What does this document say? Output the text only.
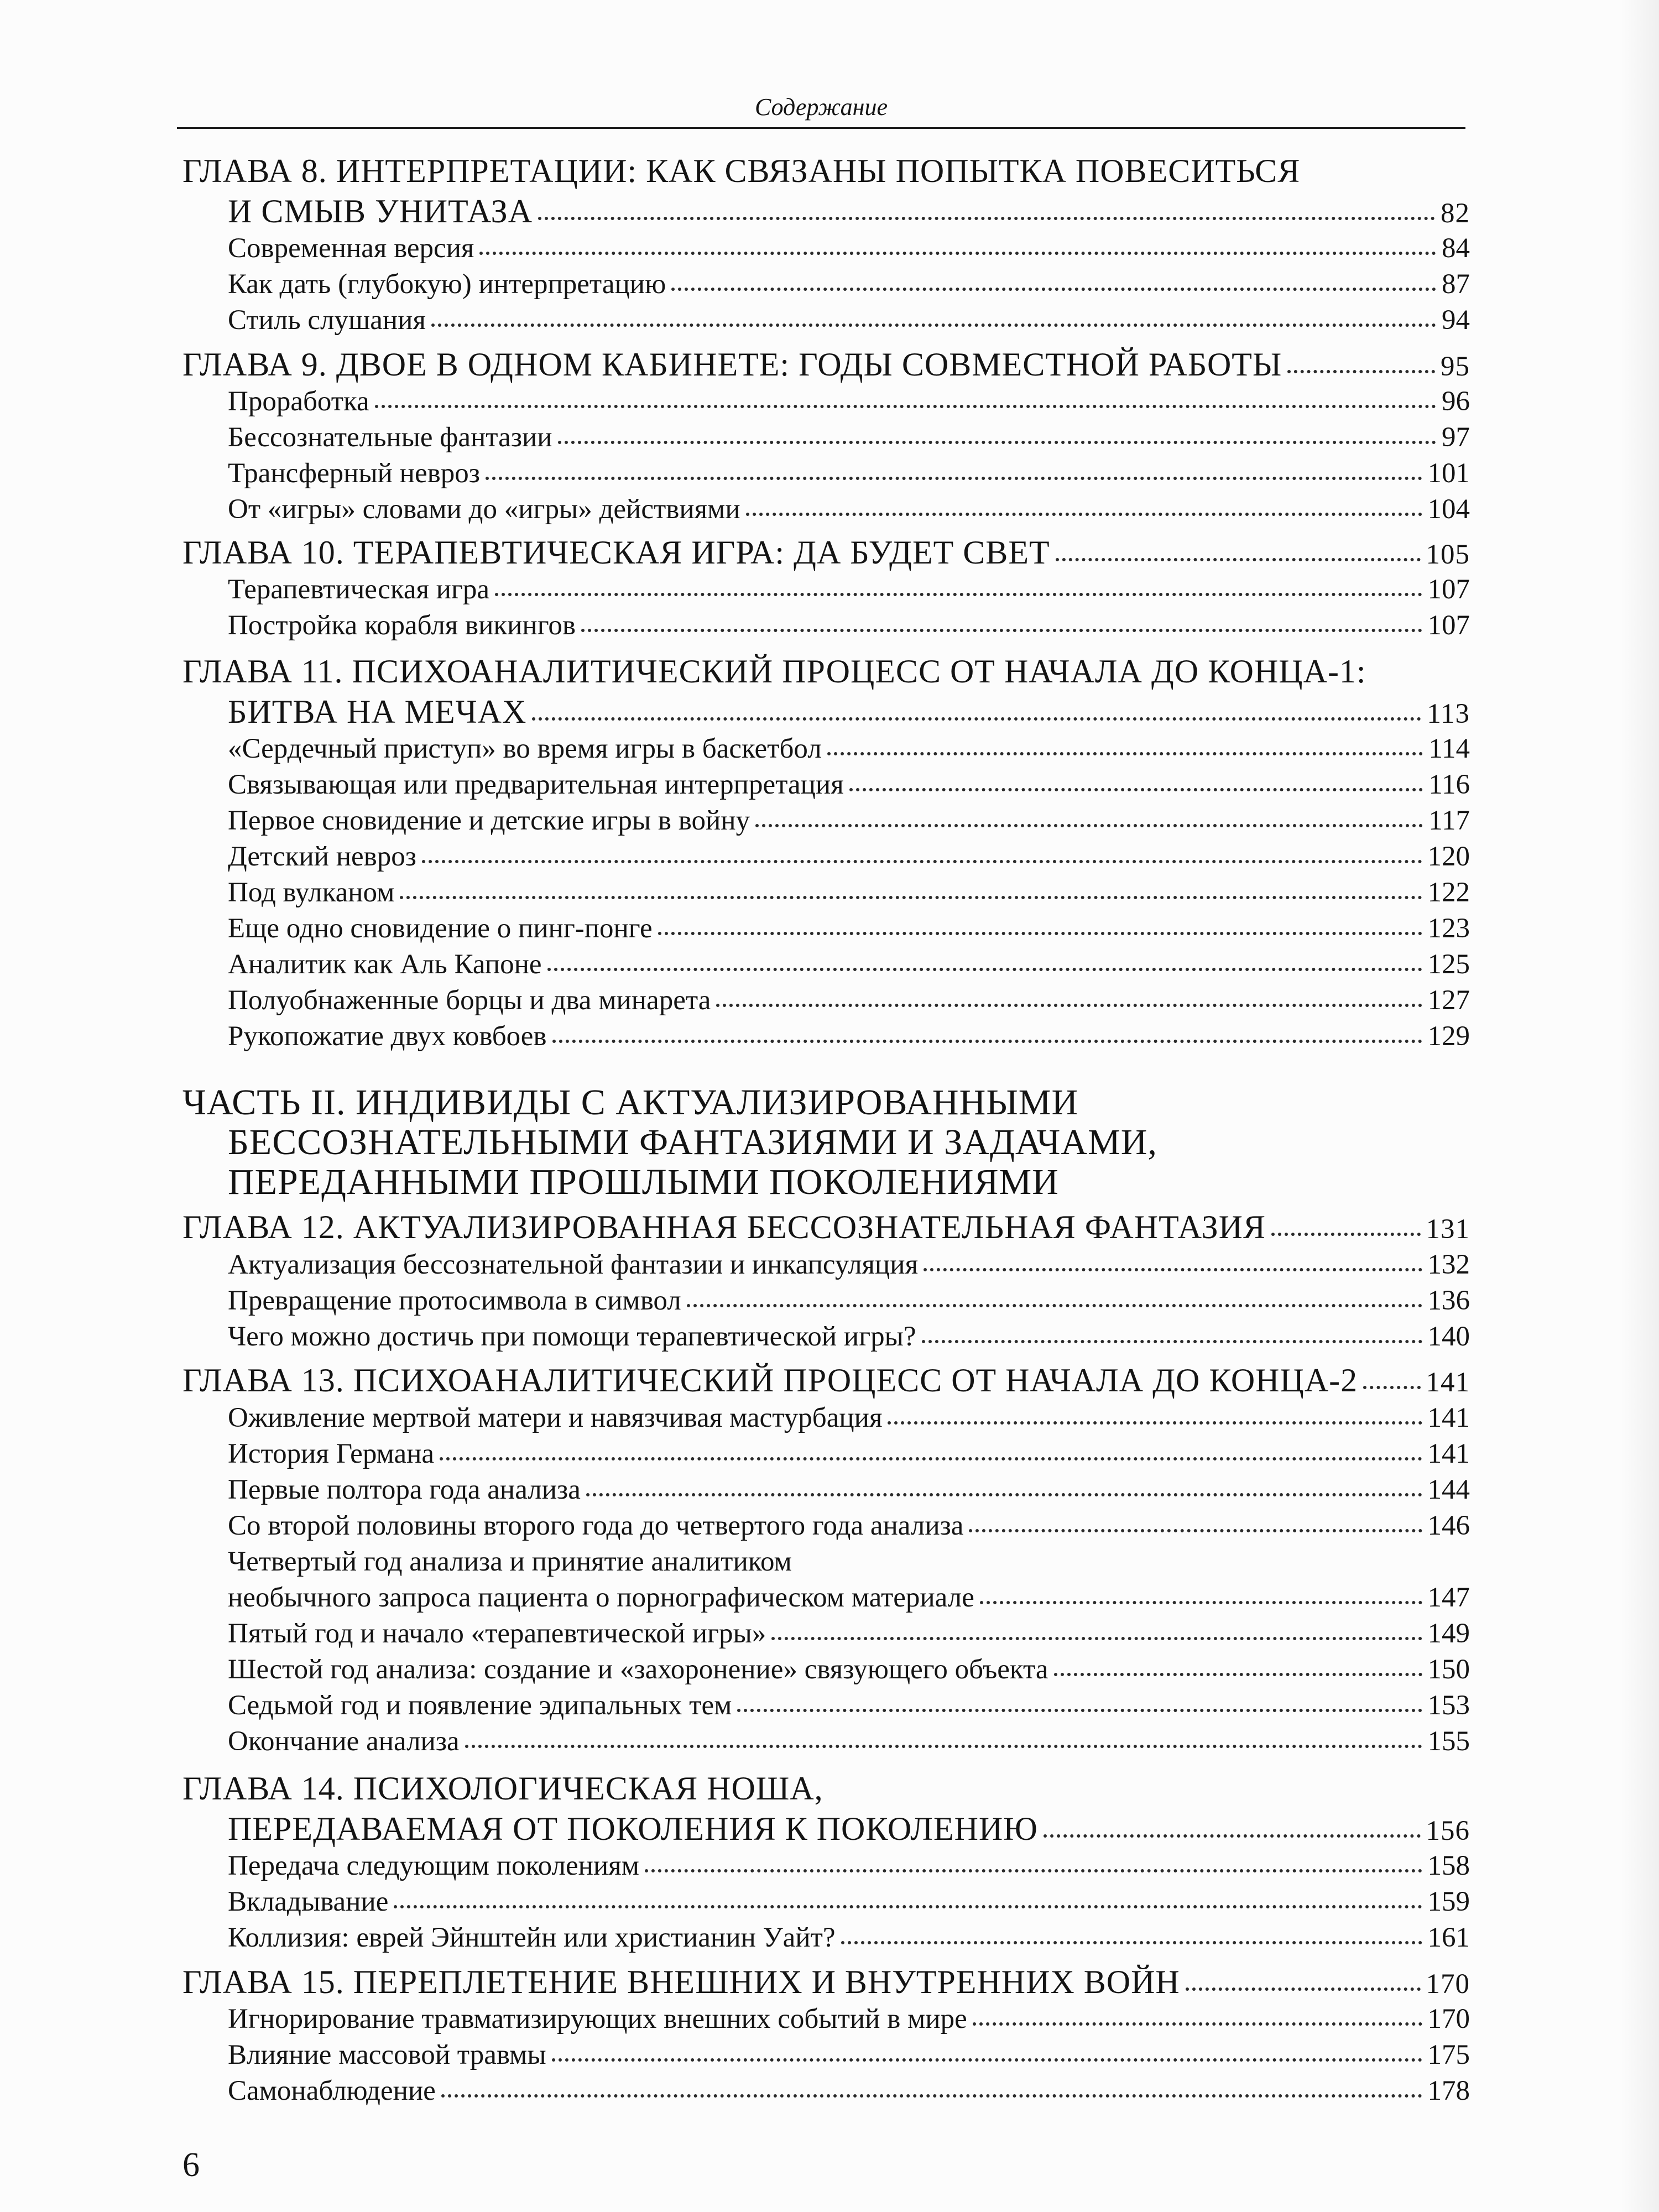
Содержание
ГЛАВА 8. ИНТЕРПРЕТАЦИИ: КАК СВЯЗАНЫ ПОПЫТКА ПОВЕСИТЬСЯ
И СМЫВ УНИТАЗА	82
Современная версия	84
Как дать (глубокую) интерпретацию	87
Стиль слушания	94
ГЛАВА 9. ДВОЕ В ОДНОМ КАБИНЕТЕ: ГОДЫ СОВМЕСТНОЙ РАБОТЫ	95
Проработка	96
Бессознательные фантазии	97
Трансферный невроз	101
От «игры» словами до «игры» действиями	104
ГЛАВА 10. ТЕРАПЕВТИЧЕСКАЯ ИГРА: ДА БУДЕТ СВЕТ	105
Терапевтическая игра	107
Постройка корабля викингов	107
ГЛАВА 11. ПСИХОАНАЛИТИЧЕСКИЙ ПРОЦЕСС ОТ НАЧАЛА ДО КОНЦА-1:
БИТВА НА МЕЧАХ	113
«Сердечный приступ» во время игры в баскетбол	114
Связывающая или предварительная интерпретация	116
Первое сновидение и детские игры в войну	117
Детский невроз	120
Под вулканом	122
Еще одно сновидение о пинг-понге	123
Аналитик как Аль Капоне	125
Полуобнаженные борцы и два минарета	127
Рукопожатие двух ковбоев	129
ЧАСТЬ II. ИНДИВИДЫ С АКТУАЛИЗИРОВАННЫМИ
БЕССОЗНАТЕЛЬНЫМИ ФАНТАЗИЯМИ И ЗАДАЧАМИ,
ПЕРЕДАННЫМИ ПРОШЛЫМИ ПОКОЛЕНИЯМИ
ГЛАВА 12. АКТУАЛИЗИРОВАННАЯ БЕССОЗНАТЕЛЬНАЯ ФАНТАЗИЯ	131
Актуализация бессознательной фантазии и инкапсуляция	132
Превращение протосимвола в символ	136
Чего можно достичь при помощи терапевтической игры?	140
ГЛАВА 13. ПСИХОАНАЛИТИЧЕСКИЙ ПРОЦЕСС ОТ НАЧАЛА ДО КОНЦА-2 141
Оживление мертвой матери и навязчивая мастурбация	141
История Германа	141
Первые полтора года анализа	144
Со второй половины второго года до четвертого года анализа	146
Четвертый год анализа и принятие аналитиком
необычного запроса пациента о порнографическом материале	147
Пятый год и начало «терапевтической игры»	149
Шестой год анализа: создание и «захоронение» связующего объекта	150
Седьмой год и появление эдипальных тем	153
Окончание анализа	155
ГЛАВА 14. ПСИХОЛОГИЧЕСКАЯ НОША,
ПЕРЕДАВАЕМАЯ ОТ ПОКОЛЕНИЯ К ПОКОЛЕНИЮ	156
Передача следующим поколениям	158
Вкладывание	159
Коллизия: еврей Эйнштейн или христианин Уайт?	161
ГЛАВА 15. ПЕРЕПЛЕТЕНИЕ ВНЕШНИХ И ВНУТРЕННИХ ВОЙН	170
Игнорирование травматизирующих внешних событий в мире	170
Влияние массовой травмы	175
Самонаблюдение	178
6
